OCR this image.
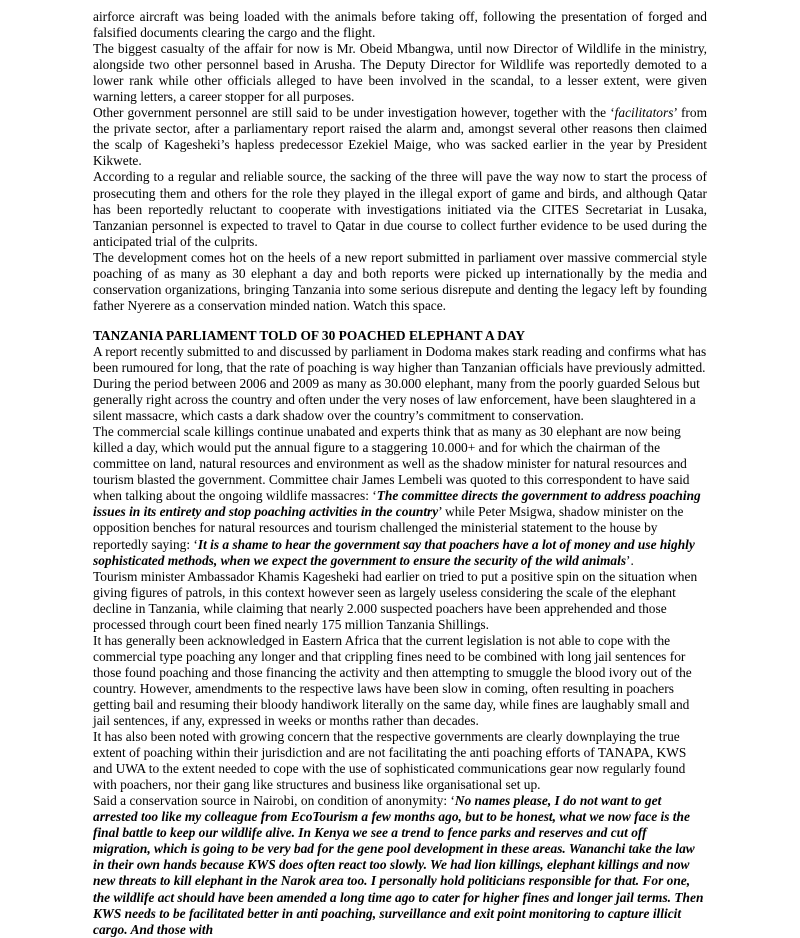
airforce aircraft was being loaded with the animals before taking off, following the presentation of forged and falsified documents clearing the cargo and the flight.

The biggest casualty of the affair for now is Mr. Obeid Mbangwa, until now Director of Wildlife in the ministry, alongside two other personnel based in Arusha. The Deputy Director for Wildlife was reportedly demoted to a lower rank while other officials alleged to have been involved in the scandal, to a lesser extent, were given warning letters, a career stopper for all purposes.

Other government personnel are still said to be under investigation however, together with the ‘facilitators’ from the private sector, after a parliamentary report raised the alarm and, amongst several other reasons then claimed the scalp of Kagesheki’s hapless predecessor Ezekiel Maige, who was sacked earlier in the year by President Kikwete.

According to a regular and reliable source, the sacking of the three will pave the way now to start the process of prosecuting them and others for the role they played in the illegal export of game and birds, and although Qatar has been reportedly reluctant to cooperate with investigations initiated via the CITES Secretariat in Lusaka, Tanzanian personnel is expected to travel to Qatar in due course to collect further evidence to be used during the anticipated trial of the culprits.

The development comes hot on the heels of a new report submitted in parliament over massive commercial style poaching of as many as 30 elephant a day and both reports were picked up internationally by the media and conservation organizations, bringing Tanzania into some serious disrepute and denting the legacy left by founding father Nyerere as a conservation minded nation. Watch this space.

TANZANIA PARLIAMENT TOLD OF 30 POACHED ELEPHANT A DAY

A report recently submitted to and discussed by parliament in Dodoma makes stark reading and confirms what has been rumoured for long, that the rate of poaching is way higher than Tanzanian officials have previously admitted. During the period between 2006 and 2009 as many as 30.000 elephant, many from the poorly guarded Selous but generally right across the country and often under the very noses of law enforcement, have been slaughtered in a silent massacre, which casts a dark shadow over the country’s commitment to conservation.

The commercial scale killings continue unabated and experts think that as many as 30 elephant are now being killed a day, which would put the annual figure to a staggering 10.000+ and for which the chairman of the committee on land, natural resources and environment as well as the shadow minister for natural resources and tourism blasted the government. Committee chair James Lembeli was quoted to this correspondent to have said when talking about the ongoing wildlife massacres: ‘The committee directs the government to address poaching issues in its entirety and stop poaching activities in the country’ while Peter Msigwa, shadow minister on the opposition benches for natural resources and tourism challenged the ministerial statement to the house by reportedly saying: ‘It is a shame to hear the government say that poachers have a lot of money and use highly sophisticated methods, when we expect the government to ensure the security of the wild animals’.

Tourism minister Ambassador Khamis Kagesheki had earlier on tried to put a positive spin on the situation when giving figures of patrols, in this context however seen as largely useless considering the scale of the elephant decline in Tanzania, while claiming that nearly 2.000 suspected poachers have been apprehended and those processed through court been fined nearly 175 million Tanzania Shillings.

It has generally been acknowledged in Eastern Africa that the current legislation is not able to cope with the commercial type poaching any longer and that crippling fines need to be combined with long jail sentences for those found poaching and those financing the activity and then attempting to smuggle the blood ivory out of the country. However, amendments to the respective laws have been slow in coming, often resulting in poachers getting bail and resuming their bloody handiwork literally on the same day, while fines are laughably small and jail sentences, if any, expressed in weeks or months rather than decades.

It has also been noted with growing concern that the respective governments are clearly downplaying the true extent of poaching within their jurisdiction and are not facilitating the anti poaching efforts of TANAPA, KWS and UWA to the extent needed to cope with the use of sophisticated communications gear now regularly found with poachers, nor their gang like structures and business like organisational set up.

Said a conservation source in Nairobi, on condition of anonymity: ‘No names please, I do not want to get arrested too like my colleague from EcoTourism a few months ago, but to be honest, what we now face is the final battle to keep our wildlife alive. In Kenya we see a trend to fence parks and reserves and cut off migration, which is going to be very bad for the gene pool development in these areas. Wananchi take the law in their own hands because KWS does often react too slowly. We had lion killings, elephant killings and now new threats to kill elephant in the Narok area too. I personally hold politicians responsible for that. For one, the wildlife act should have been amended a long time ago to cater for higher fines and longer jail terms. Then KWS needs to be facilitated better in anti poaching, surveillance and exit point monitoring to capture illicit cargo. And those with
